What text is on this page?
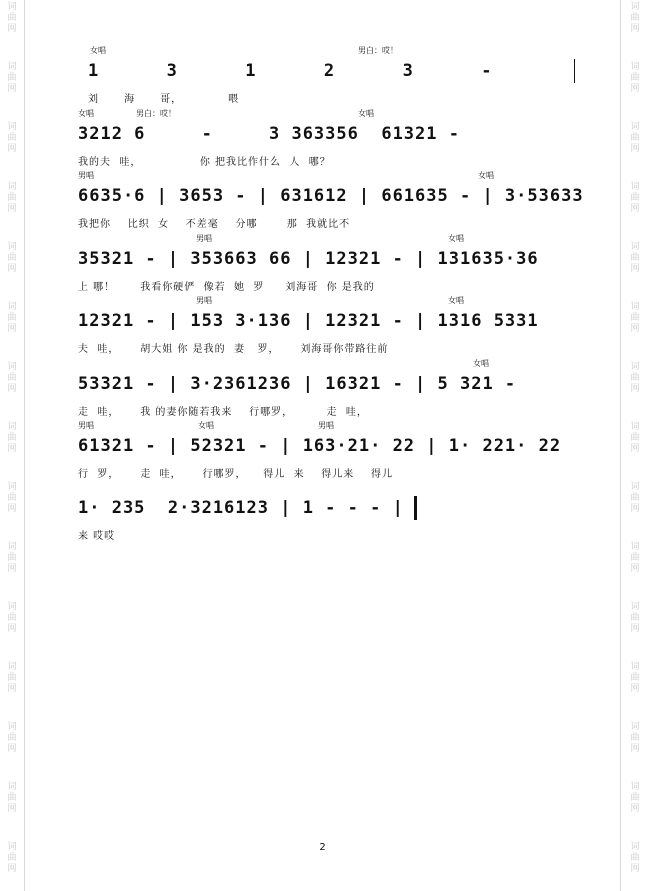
词
曲
网
词
曲
网
词
曲
网
词
曲
网
词
曲
网
词
曲
网
词
曲
网
词
曲
网
词
曲
网
词
曲
网
词
曲
网
词
曲
网
词
曲
网
词
曲
网
词
曲
网
词
曲
网
词
曲
网
词
曲
网
词
曲
网
词
曲
网
词
曲
网
词
曲
网
词
曲
网
词
曲
网
词
曲
网
词
曲
网
词
曲
网
词
曲
网
词
曲
网
词
曲
网
女唱	男白：哎！
1      3      1      2      3      -
刘      海      哥，           喂
女唱	男白：哎！	女唱
3212 6     -     3 363356  61321 -
我的夫  哇，              你 把我比作什么  人  哪？
男唱	女唱
6635·6 | 3653 - | 631612 | 661635 - | 3·53633
我把你    比织  女    不差毫    分哪       那  我就比不
男唱	女唱
35321 - | 353663 66 | 12321 - | 131635·36
上 哪！      我看你硬俨  像若  她  罗     刘海哥  你 是我的
男唱	女唱
12321 - | 153 3·136 | 12321 - | 1316 5331
夫  哇，     胡大姐 你 是我的  妻   罗，     刘海哥你带路往前
女唱
53321 - | 3·2361236 | 16321 - | 5 321 -
走  哇，     我 的妻你随若我来    行哪罗，        走  哇，
男唱	女唱	男唱
61321 - | 52321 - | 163·21· 22 | 1· 221· 22
行  罗，     走  哇，     行哪罗，    得儿  来    得儿来    得儿
1· 235  2·3216123 | 1 - - - |
来 哎哎
2
